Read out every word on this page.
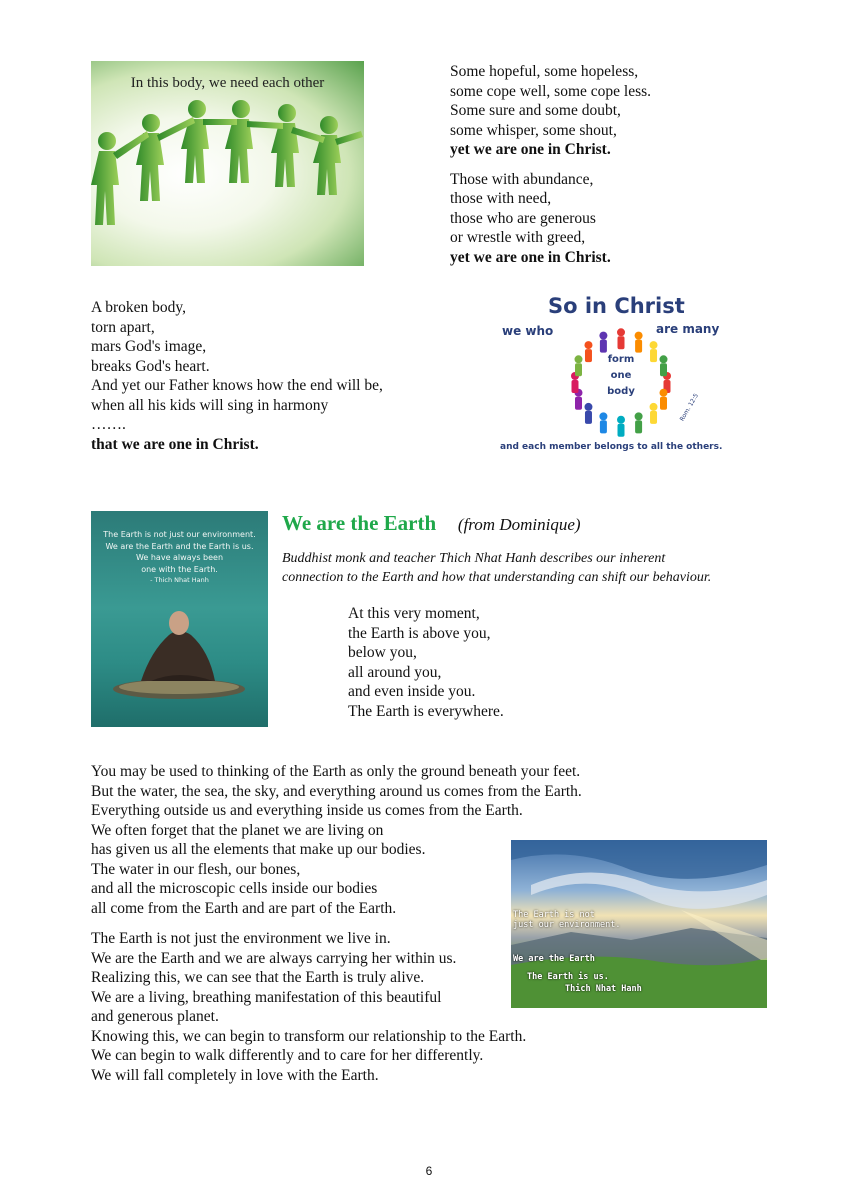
In this body, we need each other
Some hopeful, some hopeless,
some cope well, some cope less.
Some sure and some doubt,
some whisper, some shout,
yet we are one in Christ.
Those with abundance,
those with need,
those who are generous
or wrestle with greed,
yet we are one in Christ.
A broken body,
torn apart,
mars God's image,
breaks God's heart.
And yet our Father knows how the end will be,
when all his kids will sing in harmony
…….
that we are one in Christ.
So in Christ
we who	are many
form
one
body
Rom. 12:5
and each member belongs to all the others.
The Earth is not just our environment.
We are the Earth and the Earth is us.
We have always been
one with the Earth.
- Thich Nhat Hanh
We are the Earth (from Dominique)
Buddhist monk and teacher Thich Nhat Hanh describes our inherent
connection to the Earth and how that understanding can shift our behaviour.
At this very moment,
the Earth is above you,
below you,
all around you,
and even inside you.
The Earth is everywhere.
You may be used to thinking of the Earth as only the ground beneath your feet.
But the water, the sea, the sky, and everything around us comes from the Earth.
Everything outside us and everything inside us comes from the Earth.
We often forget that the planet we are living on
has given us all the elements that make up our bodies.
The water in our flesh, our bones,
and all the microscopic cells inside our bodies
all come from the Earth and are part of the Earth.
The Earth is not just the environment we live in.
We are the Earth and we are always carrying her within us.
Realizing this, we can see that the Earth is truly alive.
We are a living, breathing manifestation of this beautiful
and generous planet.
Knowing this, we can begin to transform our relationship to the Earth.
We can begin to walk differently and to care for her differently.
We will fall completely in love with the Earth.
The Earth is not
just our environment.
We are the Earth
The Earth is us.
Thich Nhat Hanh
6
